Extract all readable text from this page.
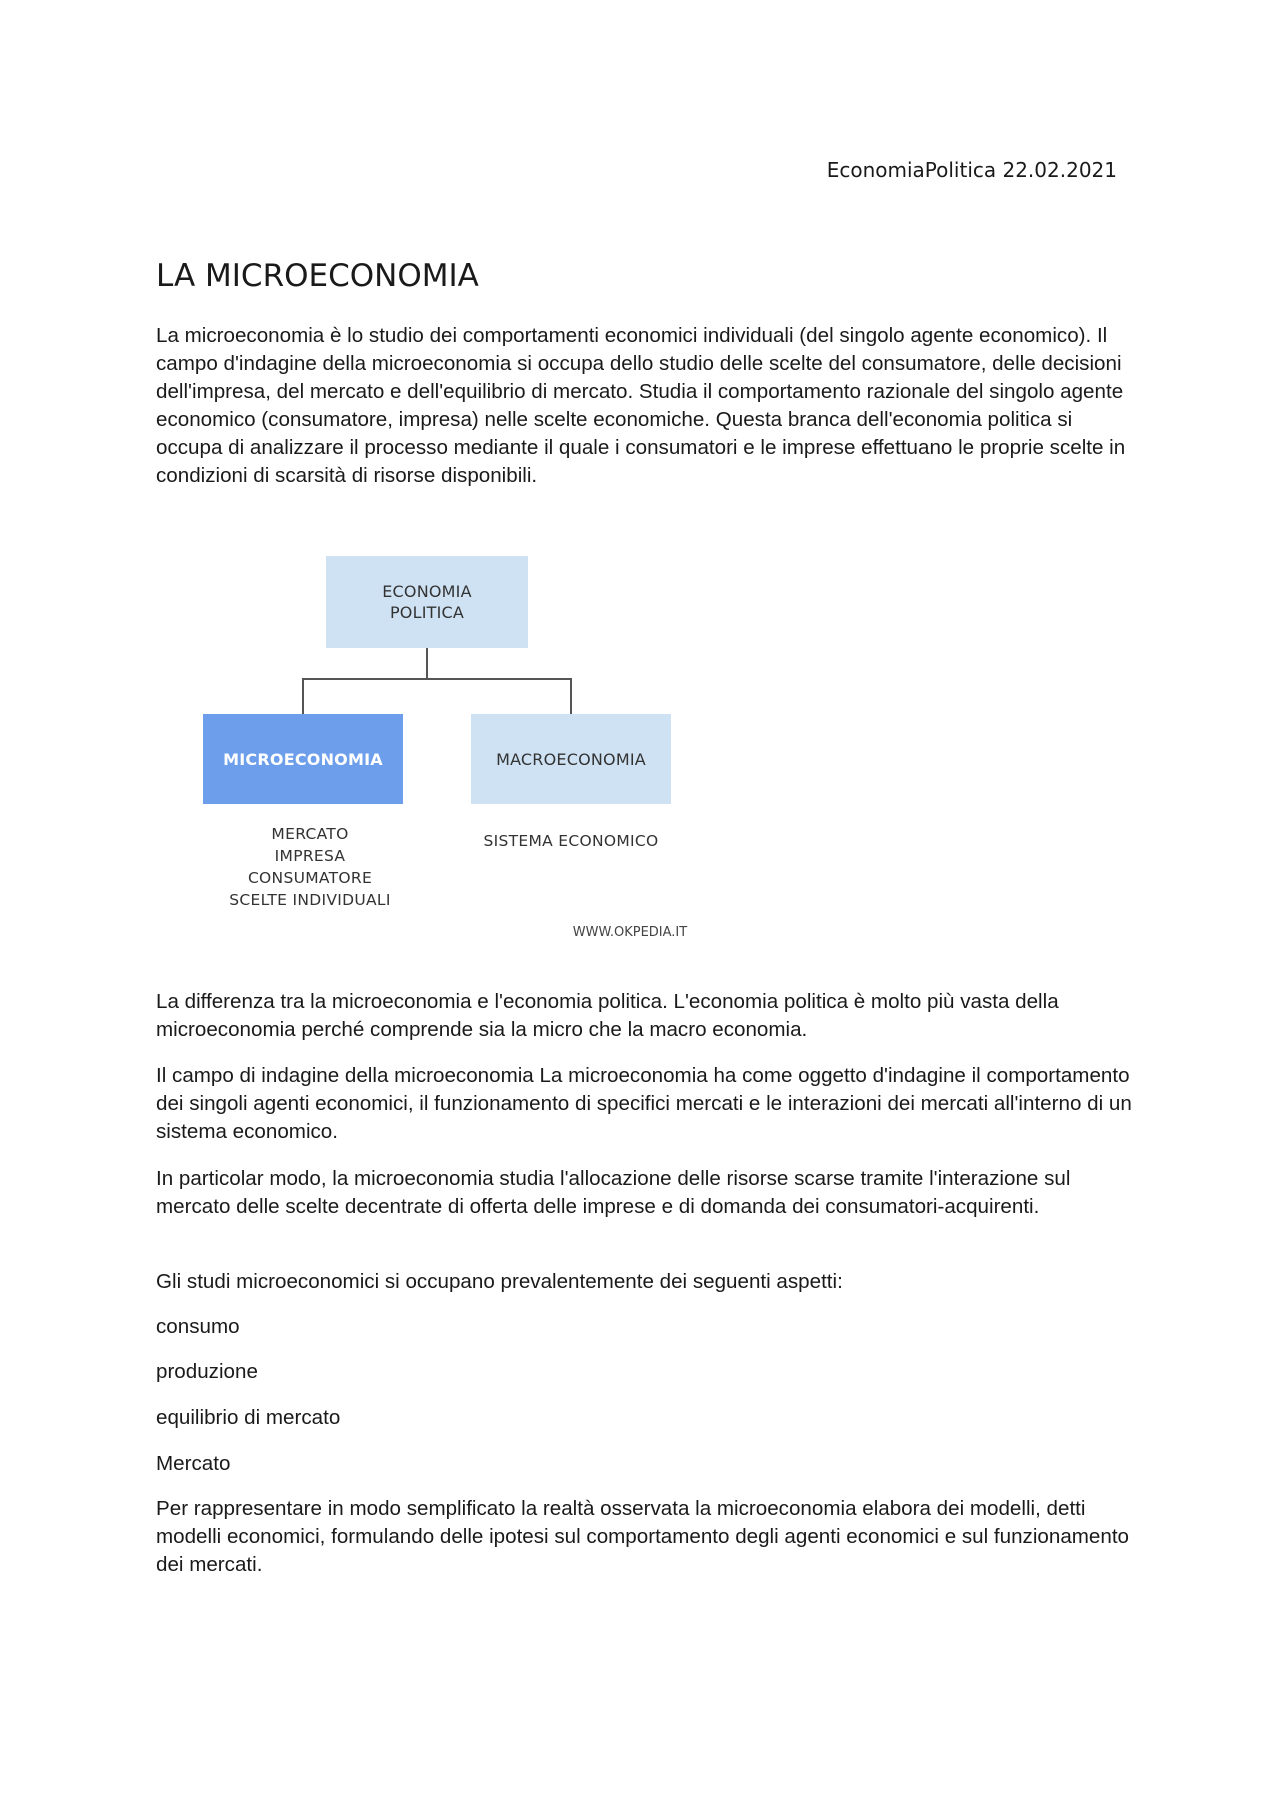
EconomiaPolitica 22.02.2021
LA MICROECONOMIA

La microeconomia è lo studio dei comportamenti economici individuali (del singolo agente economico). Il campo d'indagine della microeconomia si occupa dello studio delle scelte del consumatore, delle decisioni dell'impresa, del mercato e dell'equilibrio di mercato. Studia il comportamento razionale del singolo agente economico (consumatore, impresa) nelle scelte economiche. Questa branca dell'economia politica si occupa di analizzare il processo mediante il quale i consumatori e le imprese effettuano le proprie scelte in condizioni di scarsità di risorse disponibili.

ECONOMIA
POLITICA
MICROECONOMIA	MACROECONOMIA
MERCATO
IMPRESA
CONSUMATORE
SCELTE INDIVIDUALI
SISTEMA ECONOMICO
WWW.OKPEDIA.IT

La differenza tra la microeconomia e l'economia politica. L'economia politica è molto più vasta della microeconomia perché comprende sia la micro che la macro economia.

Il campo di indagine della microeconomia La microeconomia ha come oggetto d'indagine il comportamento dei singoli agenti economici, il funzionamento di specifici mercati e le interazioni dei mercati all'interno di un sistema economico.

In particolar modo, la microeconomia studia l'allocazione delle risorse scarse tramite l'interazione sul mercato delle scelte decentrate di offerta delle imprese e di domanda dei consumatori-acquirenti.

Gli studi microeconomici si occupano prevalentemente dei seguenti aspetti:

consumo

produzione

equilibrio di mercato

Mercato

Per rappresentare in modo semplificato la realtà osservata la microeconomia elabora dei modelli, detti modelli economici, formulando delle ipotesi sul comportamento degli agenti economici e sul funzionamento dei mercati.
